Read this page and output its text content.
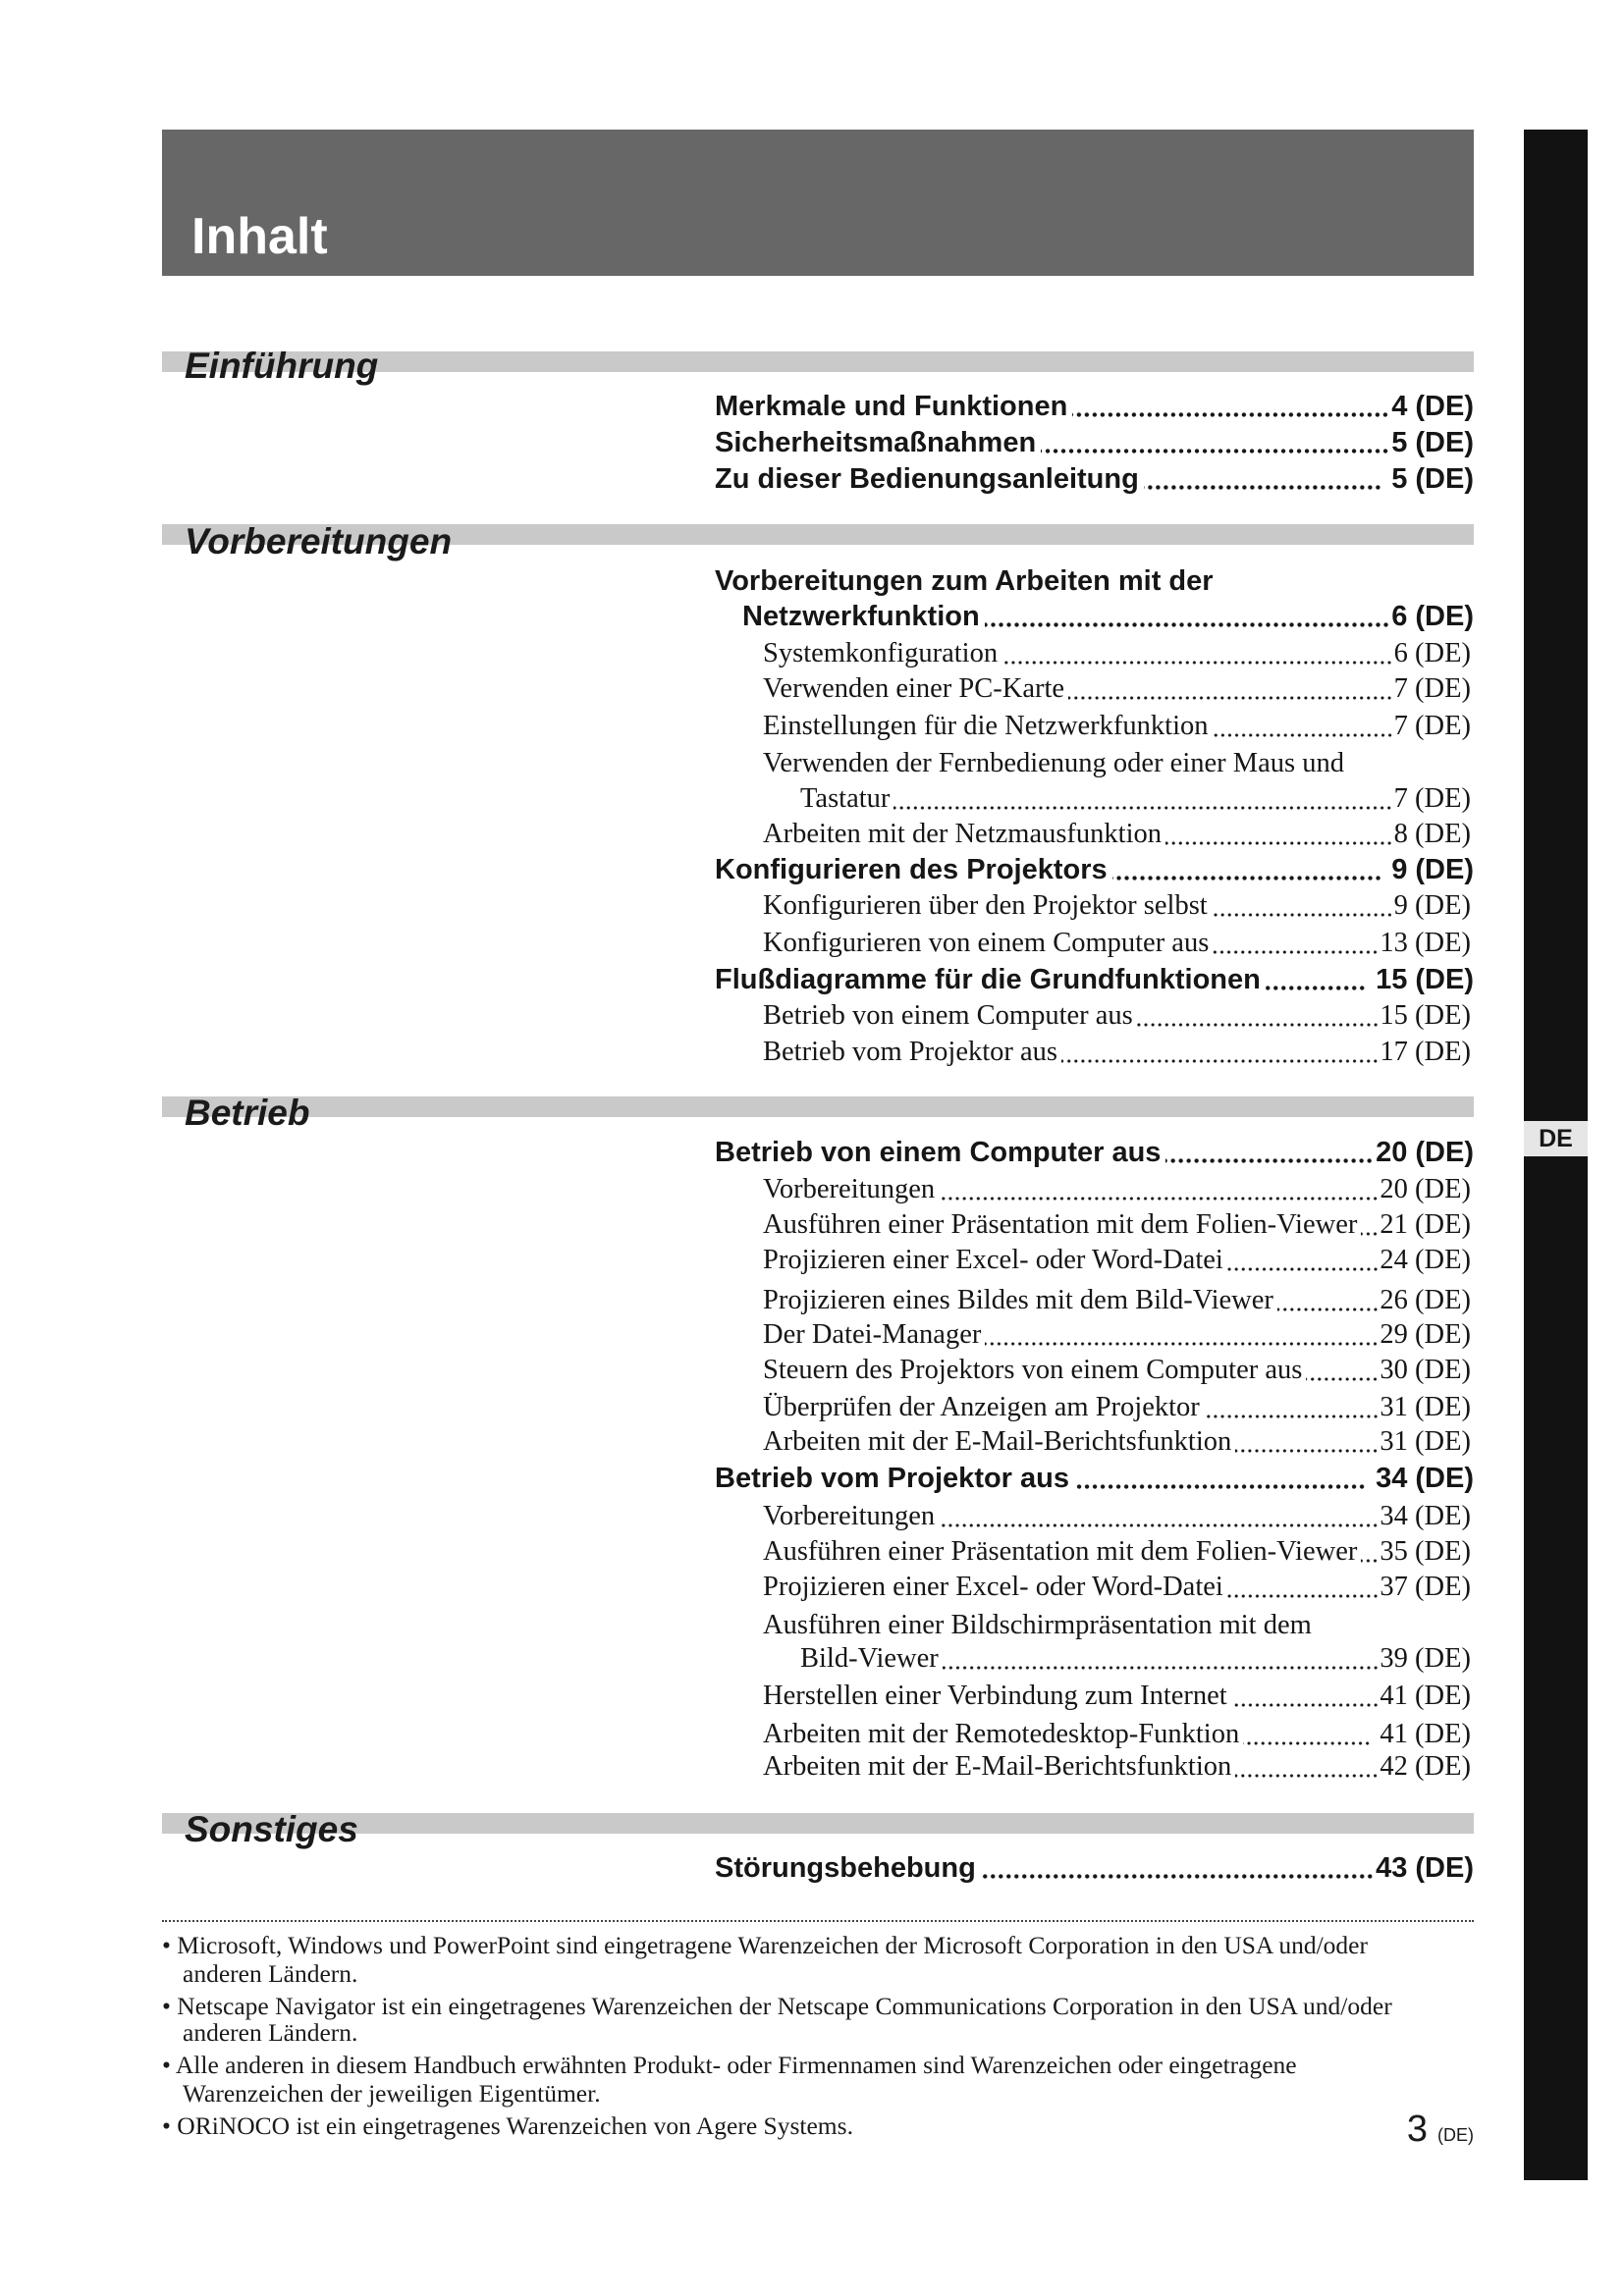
Inhalt
DE
Einführung
Merkmale und Funktionen	4 (DE)
Sicherheitsmaßnahmen	5 (DE)
Zu dieser Bedienungsanleitung	5 (DE)
Vorbereitungen
Vorbereitungen zum Arbeiten mit der
Netzwerkfunktion	6 (DE)
Systemkonfiguration	6 (DE)
Verwenden einer PC-Karte	7 (DE)
Einstellungen für die Netzwerkfunktion	7 (DE)
Verwenden der Fernbedienung oder einer Maus und
Tastatur	7 (DE)
Arbeiten mit der Netzmausfunktion	8 (DE)
Konfigurieren des Projektors	9 (DE)
Konfigurieren über den Projektor selbst	9 (DE)
Konfigurieren von einem Computer aus	13 (DE)
Flußdiagramme für die Grundfunktionen	15 (DE)
Betrieb von einem Computer aus	15 (DE)
Betrieb vom Projektor aus	17 (DE)
Betrieb
Betrieb von einem Computer aus	20 (DE)
Vorbereitungen	20 (DE)
Ausführen einer Präsentation mit dem Folien-Viewer 21 (DE)
Projizieren einer Excel- oder Word-Datei	24 (DE)
Projizieren eines Bildes mit dem Bild-Viewer	26 (DE)
Der Datei-Manager	29 (DE)
Steuern des Projektors von einem Computer aus	30 (DE)
Überprüfen der Anzeigen am Projektor	31 (DE)
Arbeiten mit der E-Mail-Berichtsfunktion	31 (DE)
Betrieb vom Projektor aus	34 (DE)
Vorbereitungen	34 (DE)
Ausführen einer Präsentation mit dem Folien-Viewer 35 (DE)
Projizieren einer Excel- oder Word-Datei	37 (DE)
Ausführen einer Bildschirmpräsentation mit dem
Bild-Viewer	39 (DE)
Herstellen einer Verbindung zum Internet	41 (DE)
Arbeiten mit der Remotedesktop-Funktion	41 (DE)
Arbeiten mit der E-Mail-Berichtsfunktion	42 (DE)
Sonstiges
Störungsbehebung	43 (DE)
• Microsoft, Windows und PowerPoint sind eingetragene Warenzeichen der Microsoft Corporation in den USA und/oder
anderen Ländern.
• Netscape Navigator ist ein eingetragenes Warenzeichen der Netscape Communications Corporation in den USA und/oder
anderen Ländern.
• Alle anderen in diesem Handbuch erwähnten Produkt- oder Firmennamen sind Warenzeichen oder eingetragene
Warenzeichen der jeweiligen Eigentümer.
• ORiNOCO ist ein eingetragenes Warenzeichen von Agere Systems.	3 (DE)
